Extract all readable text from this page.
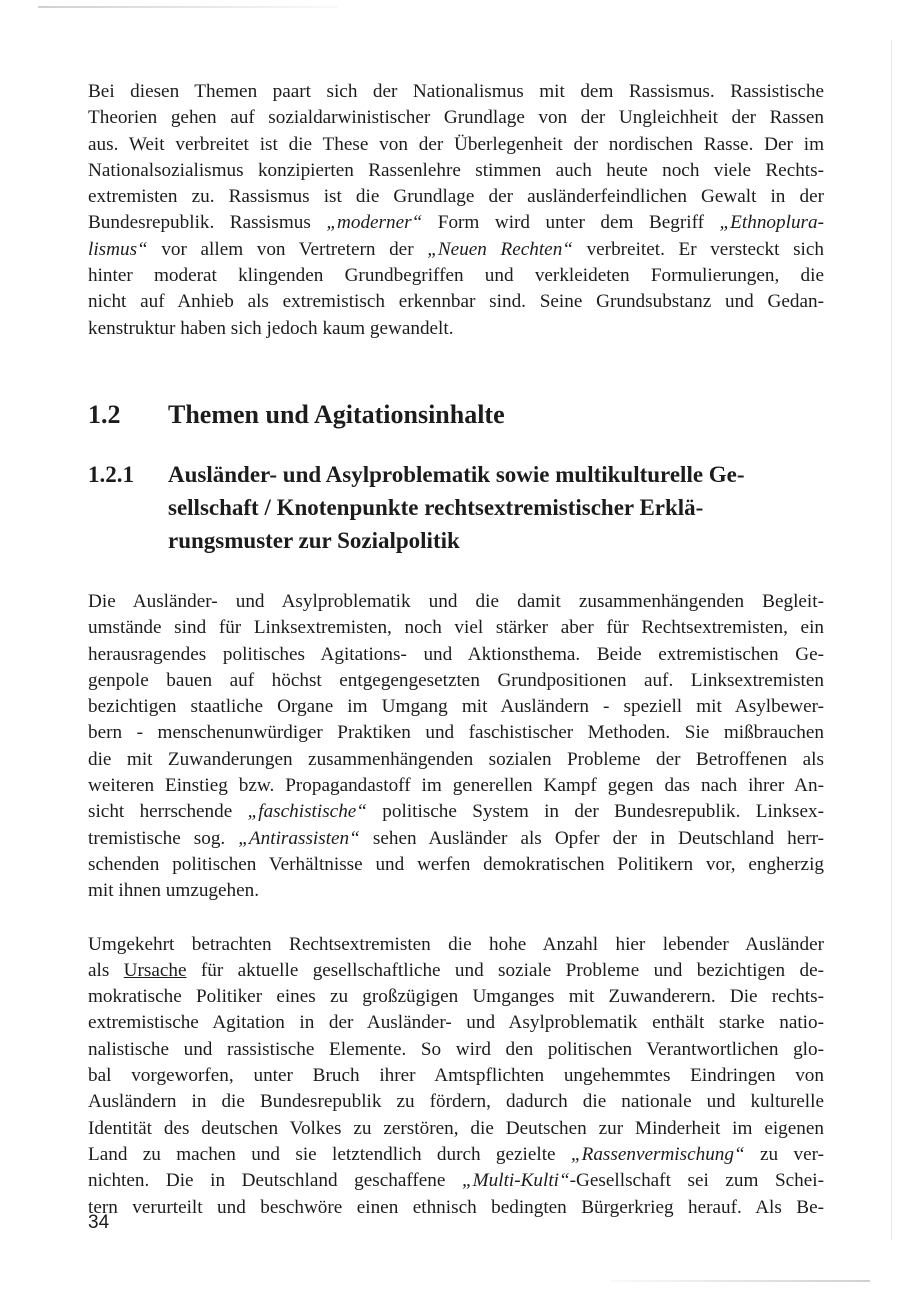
Bei diesen Themen paart sich der Nationalismus mit dem Rassismus. Rassistische
Theorien gehen auf sozialdarwinistischer Grundlage von der Ungleichheit der Rassen
aus. Weit verbreitet ist die These von der Überlegenheit der nordischen Rasse. Der im
Nationalsozialismus konzipierten Rassenlehre stimmen auch heute noch viele Rechts-
extremisten zu. Rassismus ist die Grundlage der ausländerfeindlichen Gewalt in der
Bundesrepublik. Rassismus „moderner“ Form wird unter dem Begriff „Ethnoplura-
lismus“ vor allem von Vertretern der „Neuen Rechten“ verbreitet. Er versteckt sich
hinter moderat klingenden Grundbegriffen und verkleideten Formulierungen, die
nicht auf Anhieb als extremistisch erkennbar sind. Seine Grundsubstanz und Gedan-
kenstruktur haben sich jedoch kaum gewandelt.

1.2	Themen und Agitationsinhalte
1.2.1	Ausländer- und Asylproblematik sowie multikulturelle Ge-
sellschaft / Knotenpunkte rechtsextremistischer Erklä-
rungsmuster zur Sozialpolitik

Die Ausländer- und Asylproblematik und die damit zusammenhängenden Begleit-
umstände sind für Linksextremisten, noch viel stärker aber für Rechtsextremisten, ein
herausragendes politisches Agitations- und Aktionsthema. Beide extremistischen Ge-
genpole bauen auf höchst entgegengesetzten Grundpositionen auf. Linksextremisten
bezichtigen staatliche Organe im Umgang mit Ausländern - speziell mit Asylbewer-
bern - menschenunwürdiger Praktiken und faschistischer Methoden. Sie mißbrauchen
die mit Zuwanderungen zusammenhängenden sozialen Probleme der Betroffenen als
weiteren Einstieg bzw. Propagandastoff im generellen Kampf gegen das nach ihrer An-
sicht herrschende „faschistische“ politische System in der Bundesrepublik. Linksex-
tremistische sog. „Antirassisten“ sehen Ausländer als Opfer der in Deutschland herr-
schenden politischen Verhältnisse und werfen demokratischen Politikern vor, engherzig
mit ihnen umzugehen.

Umgekehrt betrachten Rechtsextremisten die hohe Anzahl hier lebender Ausländer
als Ursache für aktuelle gesellschaftliche und soziale Probleme und bezichtigen de-
mokratische Politiker eines zu großzügigen Umganges mit Zuwanderern. Die rechts-
extremistische Agitation in der Ausländer- und Asylproblematik enthält starke natio-
nalistische und rassistische Elemente. So wird den politischen Verantwortlichen glo-
bal vorgeworfen, unter Bruch ihrer Amtspflichten ungehemmtes Eindringen von
Ausländern in die Bundesrepublik zu fördern, dadurch die nationale und kulturelle
Identität des deutschen Volkes zu zerstören, die Deutschen zur Minderheit im eigenen
Land zu machen und sie letztendlich durch gezielte „Rassenvermischung“ zu ver-
nichten. Die in Deutschland geschaffene „Multi-Kulti“-Gesellschaft sei zum Schei-
tern verurteilt und beschwöre einen ethnisch bedingten Bürgerkrieg herauf. Als Be-

34
